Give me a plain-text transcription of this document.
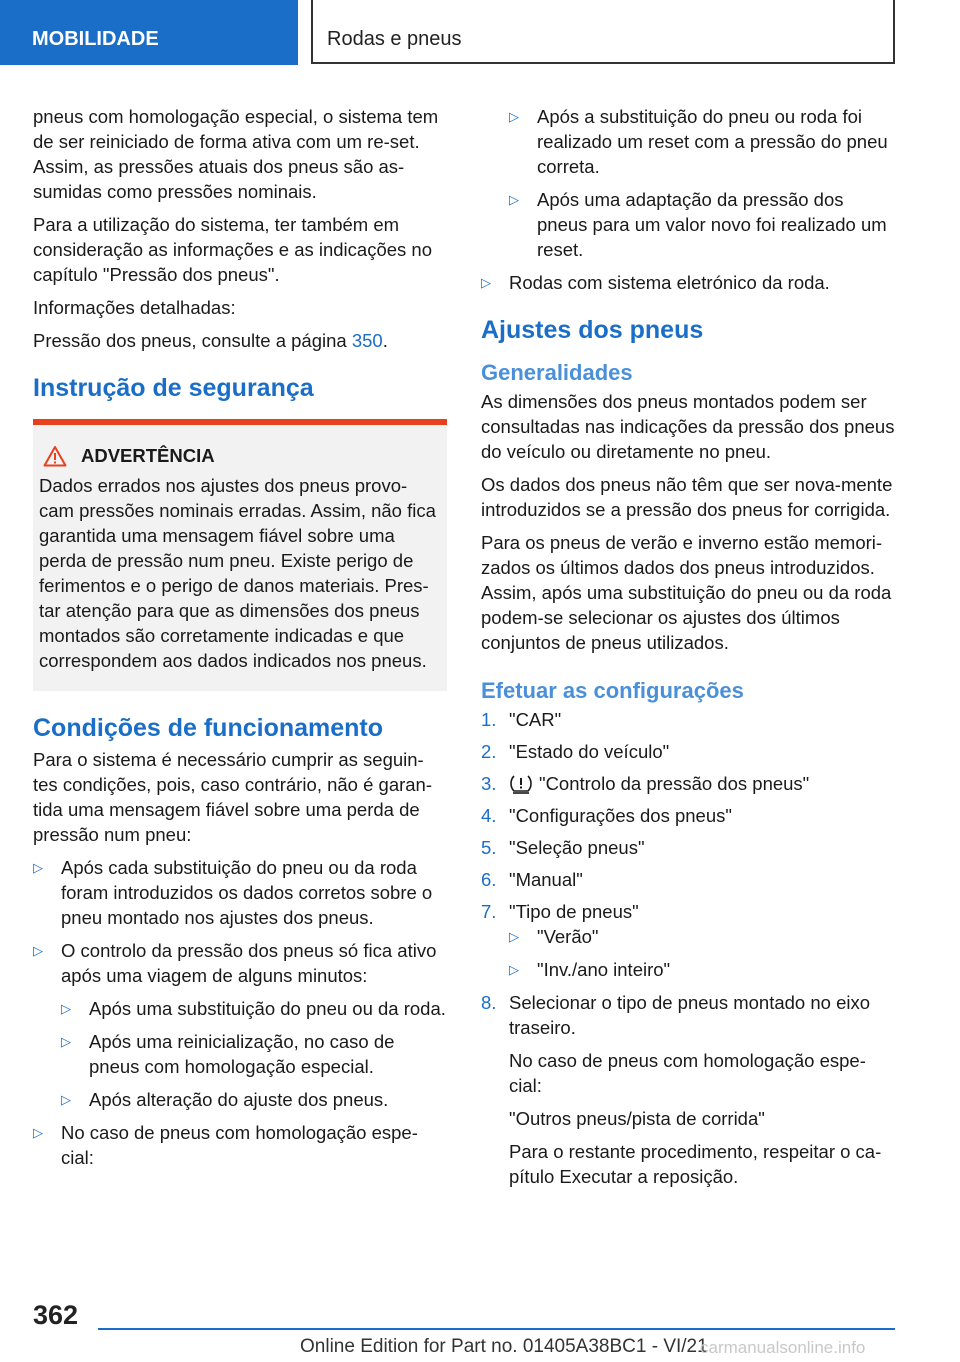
MOBILIDADE	Rodas e pneus

pneus com homologação especial, o sistema tem de ser reiniciado de forma ativa com um re-set. Assim, as pressões atuais dos pneus são as-sumidas como pressões nominais.

Para a utilização do sistema, ter também em consideração as informações e as indicações no capítulo "Pressão dos pneus".

Informações detalhadas:

Pressão dos pneus, consulte a página 350.

Instrução de segurança
ADVERTÊNCIA

Dados errados nos ajustes dos pneus provo-cam pressões nominais erradas. Assim, não fica garantida uma mensagem fiável sobre uma perda de pressão num pneu. Existe perigo de ferimentos e o perigo de danos materiais. Pres-tar atenção para que as dimensões dos pneus montados são corretamente indicadas e que correspondem aos dados indicados nos pneus.

Condições de funcionamento

Para o sistema é necessário cumprir as seguin-tes condições, pois, caso contrário, não é garan-tida uma mensagem fiável sobre uma perda de pressão num pneu:

▷ Após cada substituição do pneu ou da roda foram introduzidos os dados corretos sobre o pneu montado nos ajustes dos pneus.
▷ O controlo da pressão dos pneus só fica ativo após uma viagem de alguns minutos:
▷ Após uma substituição do pneu ou da roda.
▷ Após uma reinicialização, no caso de pneus com homologação especial.
▷ Após alteração do ajuste dos pneus.
▷ No caso de pneus com homologação espe-cial:
▷ Após a substituição do pneu ou roda foi realizado um reset com a pressão do pneu correta.
▷ Após uma adaptação da pressão dos pneus para um valor novo foi realizado um reset.
▷ Rodas com sistema eletrónico da roda.
Ajustes dos pneus
Generalidades

As dimensões dos pneus montados podem ser consultadas nas indicações da pressão dos pneus do veículo ou diretamente no pneu.

Os dados dos pneus não têm que ser nova-mente introduzidos se a pressão dos pneus for corrigida.

Para os pneus de verão e inverno estão memori-zados os últimos dados dos pneus introduzidos. Assim, após uma substituição do pneu ou da roda podem-se selecionar os ajustes dos últimos conjuntos de pneus utilizados.

Efetuar as configurações
1. "CAR"
2. "Estado do veículo"
3. "Controlo da pressão dos pneus"
4. "Configurações dos pneus"
5. "Seleção pneus"
6. "Manual"
7. "Tipo de pneus"
▷ "Verão"
▷ "Inv./ano inteiro"
8. Selecionar o tipo de pneus montado no eixo traseiro.

No caso de pneus com homologação espe-cial:

"Outros pneus/pista de corrida"

Para o restante procedimento, respeitar o ca-pítulo Executar a reposição.

362
Online Edition for Part no. 01405A38BC1 - VI/21
carmanualsonline.info
